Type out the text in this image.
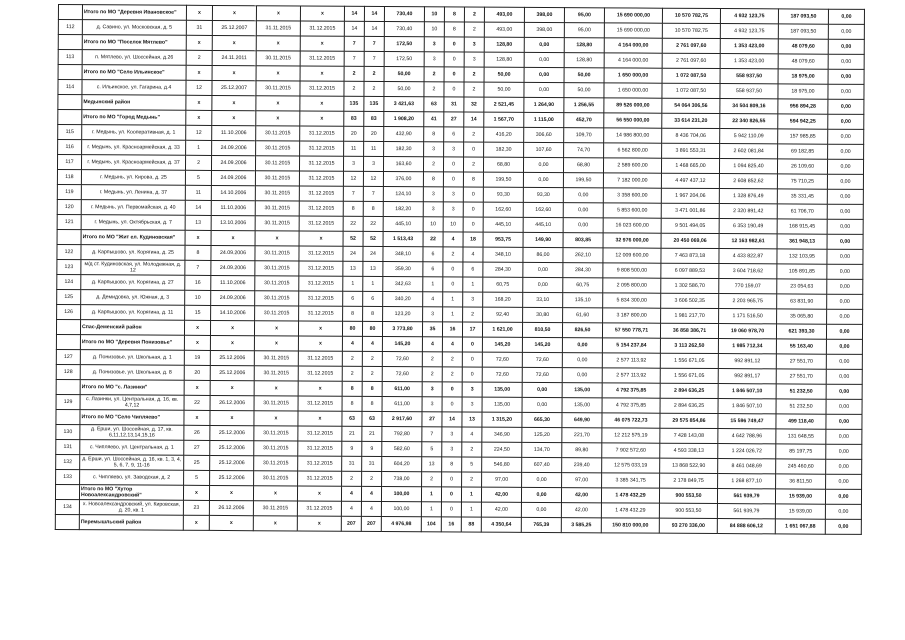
	Итого по МО "Деревня Ивановское"	x	x	x	x	14	14	730,40	10	8	2	493,00	398,00	95,00	15 690 000,00	10 570 782,75	4 932 123,75	187 093,50	0,00
112	д. Савино, ул. Московская, д. 5	31	25.12.2007	31.11.2015	31.12.2015	14	14	730,40	10	8	2	493,00	398,00	95,00	15 690 000,00	10 570 782,75	4 932 123,75	187 093,50	0,00
	Итого по МО "Поселок Мятлево"	x	x	x	x	7	7	172,50	3	0	3	128,80	0,00	128,80	4 164 000,00	2 761 097,60	1 353 423,00	48 079,60	0,00
113	п. Мятлево, ул. Шоссейная, д.26	2	24.11.2011	30.11.2015	31.12.2015	7	7	172,50	3	0	3	128,80	0,00	128,80	4 164 000,00	2 761 097,60	1 353 423,00	48 079,60	0,00
	Итого по МО "Село Ильинское"	x	x	x	x	2	2	50,00	2	0	2	50,00	0,00	50,00	1 650 000,00	1 072 087,50	558 937,50	18 975,00	0,00
114	с. Ильинское, ул. Гагарина, д.4	12	25.12.2007	30.11.2015	31.12.2015	2	2	50,00	2	0	2	50,00	0,00	50,00	1 650 000,00	1 072 087,50	558 937,50	18 975,00	0,00
	Медынский район	x	x	x	x	135	135	3 421,63	63	31	32	2 521,45	1 264,90	1 256,55	89 526 000,00	54 064 306,56	34 504 809,16	956 894,28	0,00
	Итого по МО "Город Медынь"	x	x	x	x	83	83	1 908,20	41	27	14	1 567,70	1 115,00	452,70	56 550 000,00	33 614 231,20	22 340 826,55	594 942,25	0,00
115	г. Медынь, ул. Кооперативная, д. 1	12	11.10.2006	30.11.2015	31.12.2015	20	20	432,90	8	6	2	416,20	306,60	109,70	14 986 800,00	8 436 704,06	5 942 110,09	157 985,85	0,00
116	г. Медынь, ул. Красноармейская, д. 33	1	24.09.2006	30.11.2015	31.12.2015	11	11	182,30	3	3	0	182,30	107,60	74,70	6 562 800,00	3 891 553,31	2 602 081,84	69 182,85	0,00
117	г. Медынь, ул. Красноармейская, д. 37	2	24.09.2006	30.11.2015	31.12.2015	3	3	163,60	2	0	2	68,80	0,00	68,80	2 589 600,00	1 468 665,00	1 094 825,40	26 109,60	0,00
118	г. Медынь, ул. Кирова, д. 25	5	24.09.2006	30.11.2015	31.12.2015	12	12	376,00	8	0	8	199,50	0,00	199,50	7 182 000,00	4 497 437,12	2 608 852,62	75 710,25	0,00
119	г. Медынь, ул. Ленина, д. 37	11	14.10.2006	30.11.2015	31.12.2015	7	7	124,10	3	3	0	93,30	93,30	0,00	3 358 600,00	1 967 204,06	1 328 876,49	35 331,45	0,00
120	г. Медынь, ул. Первомайская, д. 40	14	11.10.2006	30.11.2015	31.12.2015	8	8	182,20	3	3	0	162,60	162,60	0,00	5 853 600,00	3 471 001,86	2 320 891,42	61 706,70	0,00
121	г. Медынь, ул. Октябрьская, д. 7	13	13.10.2006	30.11.2015	31.12.2015	22	22	445,10	10	10	0	445,10	445,10	0,00	16 023 600,00	9 501 494,05	6 353 190,49	168 915,45	0,00
	Итого по МО "Жит ел. Кудиновская"	x	x	x	x	52	52	1 513,43	22	4	18	953,75	149,90	803,85	32 976 000,00	20 450 069,06	12 163 982,61	361 948,13	0,00
122	д. Карпышово, ул. Корягина, д. 25	8	24.09.2006	30.11.2015	31.12.2015	24	24	348,10	6	2	4	348,10	86,00	262,10	12 009 600,00	7 463 873,18	4 433 822,87	132 103,95	0,00
123	м/д ст. Кудиновская, ул. Молодежная, д. 12	7	24.09.2006	30.11.2015	31.12.2015	13	13	359,30	6	0	6	284,30	0,00	284,30	9 808 500,00	6 097 889,53	3 604 718,62	105 891,85	0,00
124	д. Карпышово, ул. Корягина, д. 27	16	11.10.2006	30.11.2015	31.12.2015	1	1	342,63	1	0	1	60,75	0,00	60,75	2 095 800,00	1 302 586,70	770 159,07	23 054,63	0,00
125	д. Демидовка, ул. Южная, д. 3	10	24.09.2006	30.11.2015	31.12.2015	6	6	340,20	4	1	3	168,20	33,10	135,10	5 834 300,00	3 606 502,35	2 203 965,75	63 831,90	0,00
126	д. Карпышово, ул. Корягина, д. 11	15	14.10.2006	30.11.2015	31.12.2015	8	8	123,20	3	1	2	92,40	30,80	61,60	3 187 800,00	1 981 217,70	1 171 516,50	35 065,80	0,00
	Спас-Деменский район	x	x	x	x	80	80	3 773,80	35	16	17	1 621,00	810,50	826,50	57 550 778,71	36 858 386,71	19 060 978,70	621 393,30	0,00
	Итого по МО "Деревня Понизовье"	x	x	x	x	4	4	145,20	4	4	0	145,20	145,20	0,00	5 154 237,84	3 113 262,50	1 985 712,34	55 163,40	0,00
127	д. Понизовье, ул. Школьная, д. 1	19	25.12.2006	30.11.2015	31.12.2015	2	2	72,60	2	2	0	72,60	72,60	0,00	2 577 113,92	1 556 671,05	992 891,12	27 551,70	0,00
128	д. Понизовье, ул. Школьная, д. 8	20	25.12.2006	30.11.2015	31.12.2015	2	2	72,60	2	2	0	72,60	72,60	0,00	2 577 113,92	1 556 671,05	992 891,17	27 551,70	0,00
	Итого по МО "с. Лазинки"	x	x	x	x	8	8	611,00	3	0	3	135,00	0,00	135,00	4 792 375,85	2 894 636,25	1 846 507,10	51 232,50	0,00
129	с. Лазинки, ул. Центральная, д. 16, кв. 4,7,12	22	26.12.2006	30.11.2015	31.12.2015	8	8	611,00	3	0	3	135,00	0,00	135,00	4 792 375,85	2 894 636,25	1 846 507,10	51 232,50	0,00
	Итого по МО "Село Чипляево"	x	x	x	x	63	63	2 917,60	27	14	13	1 315,20	665,30	649,90	46 075 722,73	29 575 854,86	15 596 749,47	499 118,40	0,00
130	д. Ерши, ул. Шоссейная, д. 17, кв. 6,11,12,13,14,15,16	26	25.12.2006	30.11.2015	31.12.2015	21	21	792,80	7	3	4	346,90	125,20	221,70	12 212 575,19	7 428 143,08	4 642 788,96	131 648,55	0,00
131	с. Чипляево, ул. Центральная, д. 1	27	25.12.2006	30.11.2015	31.12.2015	9	9	582,60	5	3	2	224,50	134,70	89,80	7 902 572,60	4 593 338,13	1 224 026,72	85 197,75	0,00
132	д. Ерши, ул. Шоссейная, д. 16, кв. 1, 3, 4, 5, 6, 7, 9, 11-16	25	25.12.2006	30.11.2015	31.12.2015	31	31	604,20	13	8	5	546,80	607,40	239,40	12 575 033,19	13 868 522,90	8 461 048,69	245 460,60	0,00
133	с. Чипляево, ул. Заводская, д. 2	5	25.12.2006	30.11.2015	31.12.2015	2	2	738,00	2	0	2	97,00	0,00	97,00	3 385 341,75	2 178 849,75	1 268 877,10	36 811,50	0,00
	Итого по МО "Хутор Новоалександровский"	x	x	x	x	4	4	100,00	1	0	1	42,00	0,00	42,00	1 478 432,29	900 553,50	561 939,79	15 939,00	0,00
134	х. Новоалександровский, ул. Кировская, д. 20, кв. 1	23	26.12.2006	30.11.2015	31.12.2015	4	4	100,00	1	0	1	42,00	0,00	42,00	1 478 432,29	900 553,50	561 939,79	15 939,00	0,00
	Перемышльский район	x	x	x	x	207	207	4 976,98	104	16	88	4 350,64	765,39	3 585,25	150 810 000,00	93 270 336,00	84 888 606,12	1 651 067,88	0,00
